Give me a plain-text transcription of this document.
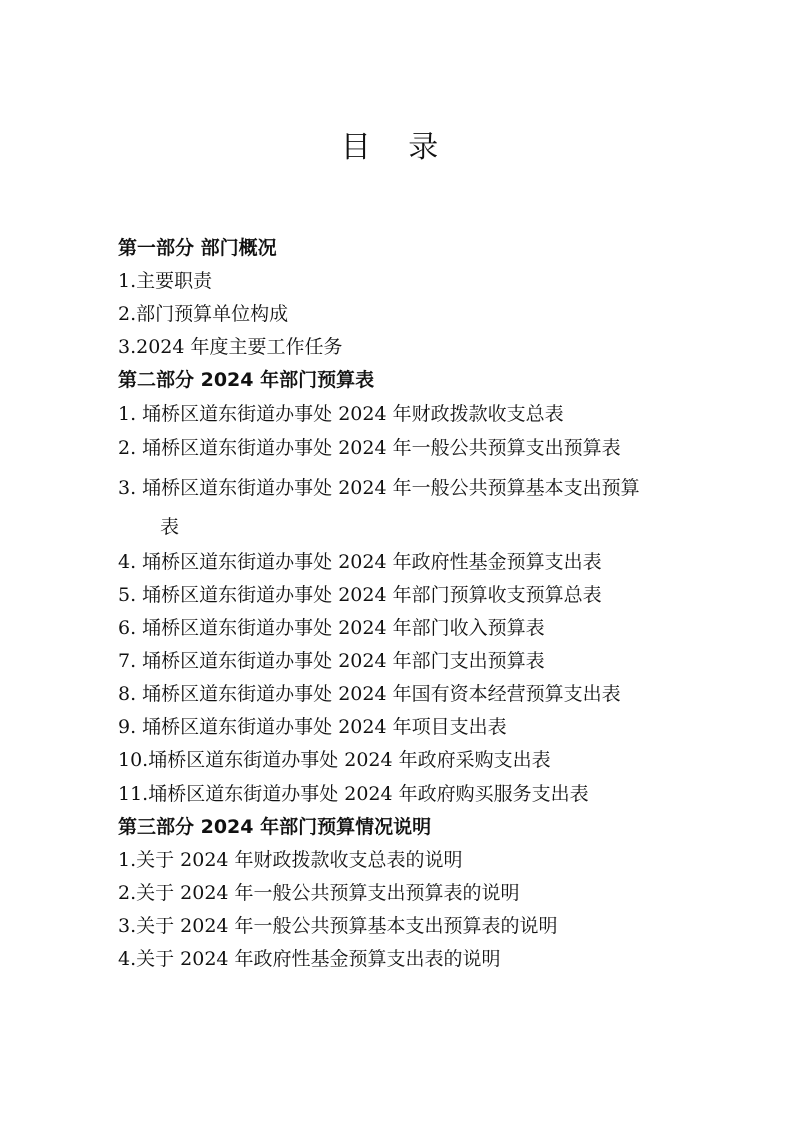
目 录
第一部分 部门概况
1.主要职责
2.部门预算单位构成
3.2024 年度主要工作任务
第二部分 2024 年部门预算表
1. 埇桥区道东街道办事处 2024 年财政拨款收支总表
2. 埇桥区道东街道办事处 2024 年一般公共预算支出预算表
3. 埇桥区道东街道办事处 2024 年一般公共预算基本支出预算
表
4. 埇桥区道东街道办事处 2024 年政府性基金预算支出表
5. 埇桥区道东街道办事处 2024 年部门预算收支预算总表
6. 埇桥区道东街道办事处 2024 年部门收入预算表
7. 埇桥区道东街道办事处 2024 年部门支出预算表
8. 埇桥区道东街道办事处 2024 年国有资本经营预算支出表
9. 埇桥区道东街道办事处 2024 年项目支出表
10.埇桥区道东街道办事处 2024 年政府采购支出表
11.埇桥区道东街道办事处 2024 年政府购买服务支出表
第三部分 2024 年部门预算情况说明
1.关于 2024 年财政拨款收支总表的说明
2.关于 2024 年一般公共预算支出预算表的说明
3.关于 2024 年一般公共预算基本支出预算表的说明
4.关于 2024 年政府性基金预算支出表的说明
